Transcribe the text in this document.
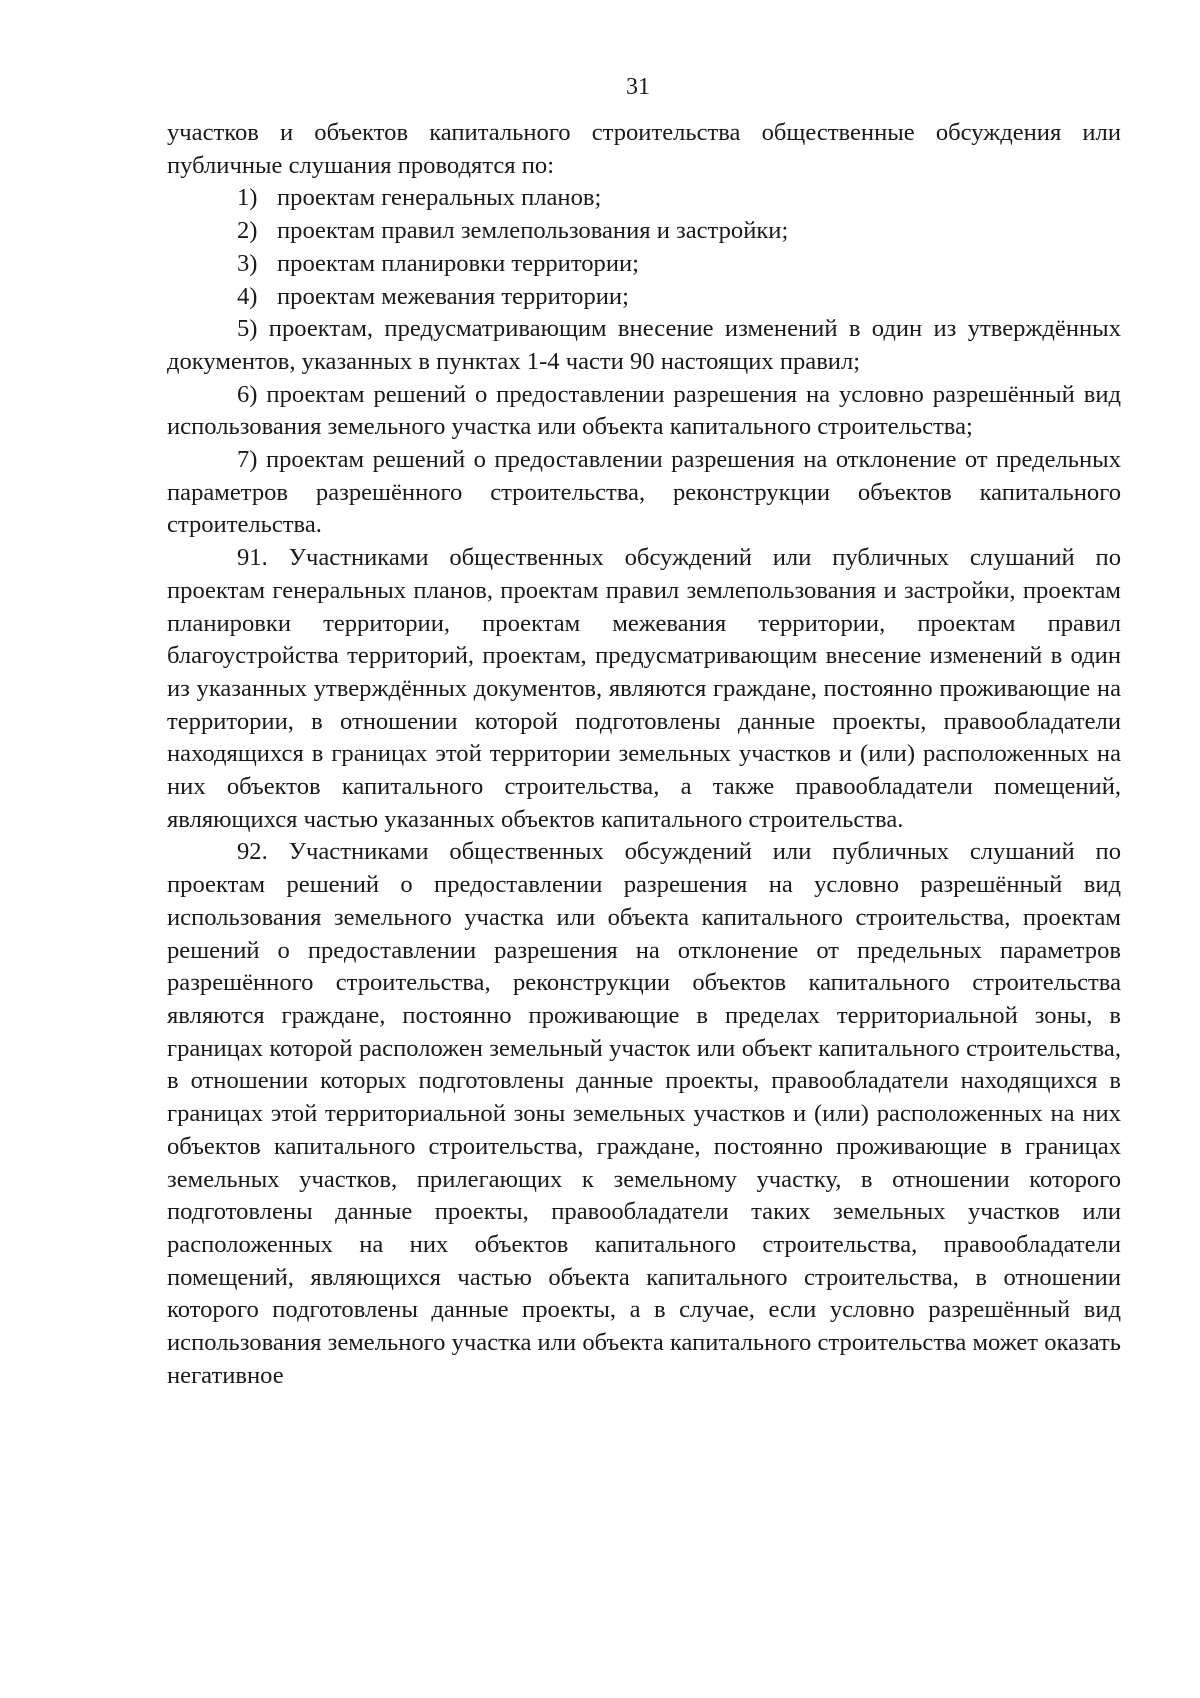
31

участков и объектов капитального строительства общественные обсуждения или публичные слушания проводятся по:

1) проектам генеральных планов;

2) проектам правил землепользования и застройки;

3) проектам планировки территории;

4) проектам межевания территории;

5) проектам, предусматривающим внесение изменений в один из утверждённых документов, указанных в пунктах 1-4 части 90 настоящих правил;

6) проектам решений о предоставлении разрешения на условно разрешённый вид использования земельного участка или объекта капитального строительства;

7) проектам решений о предоставлении разрешения на отклонение от предельных параметров разрешённого строительства, реконструкции объектов капитального строительства.

91. Участниками общественных обсуждений или публичных слушаний по проектам генеральных планов, проектам правил землепользования и застройки, проектам планировки территории, проектам межевания территории, проектам правил благоустройства территорий, проектам, предусматривающим внесение изменений в один из указанных утверждённых документов, являются граждане, постоянно проживающие на территории, в отношении которой подготовлены данные проекты, правообладатели находящихся в границах этой территории земельных участков и (или) расположенных на них объектов капитального строительства, а также правообладатели помещений, являющихся частью указанных объектов капитального строительства.

92. Участниками общественных обсуждений или публичных слушаний по проектам решений о предоставлении разрешения на условно разрешённый вид использования земельного участка или объекта капитального строительства, проектам решений о предоставлении разрешения на отклонение от предельных параметров разрешённого строительства, реконструкции объектов капитального строительства являются граждане, постоянно проживающие в пределах территориальной зоны, в границах которой расположен земельный участок или объект капитального строительства, в отношении которых подготовлены данные проекты, правообладатели находящихся в границах этой территориальной зоны земельных участков и (или) расположенных на них объектов капитального строительства, граждане, постоянно проживающие в границах земельных участков, прилегающих к земельному участку, в отношении которого подготовлены данные проекты, правообладатели таких земельных участков или расположенных на них объектов капитального строительства, правообладатели помещений, являющихся частью объекта капитального строительства, в отношении которого подготовлены данные проекты, а в случае, если условно разрешённый вид использования земельного участка или объекта капитального строительства может оказать негативное
